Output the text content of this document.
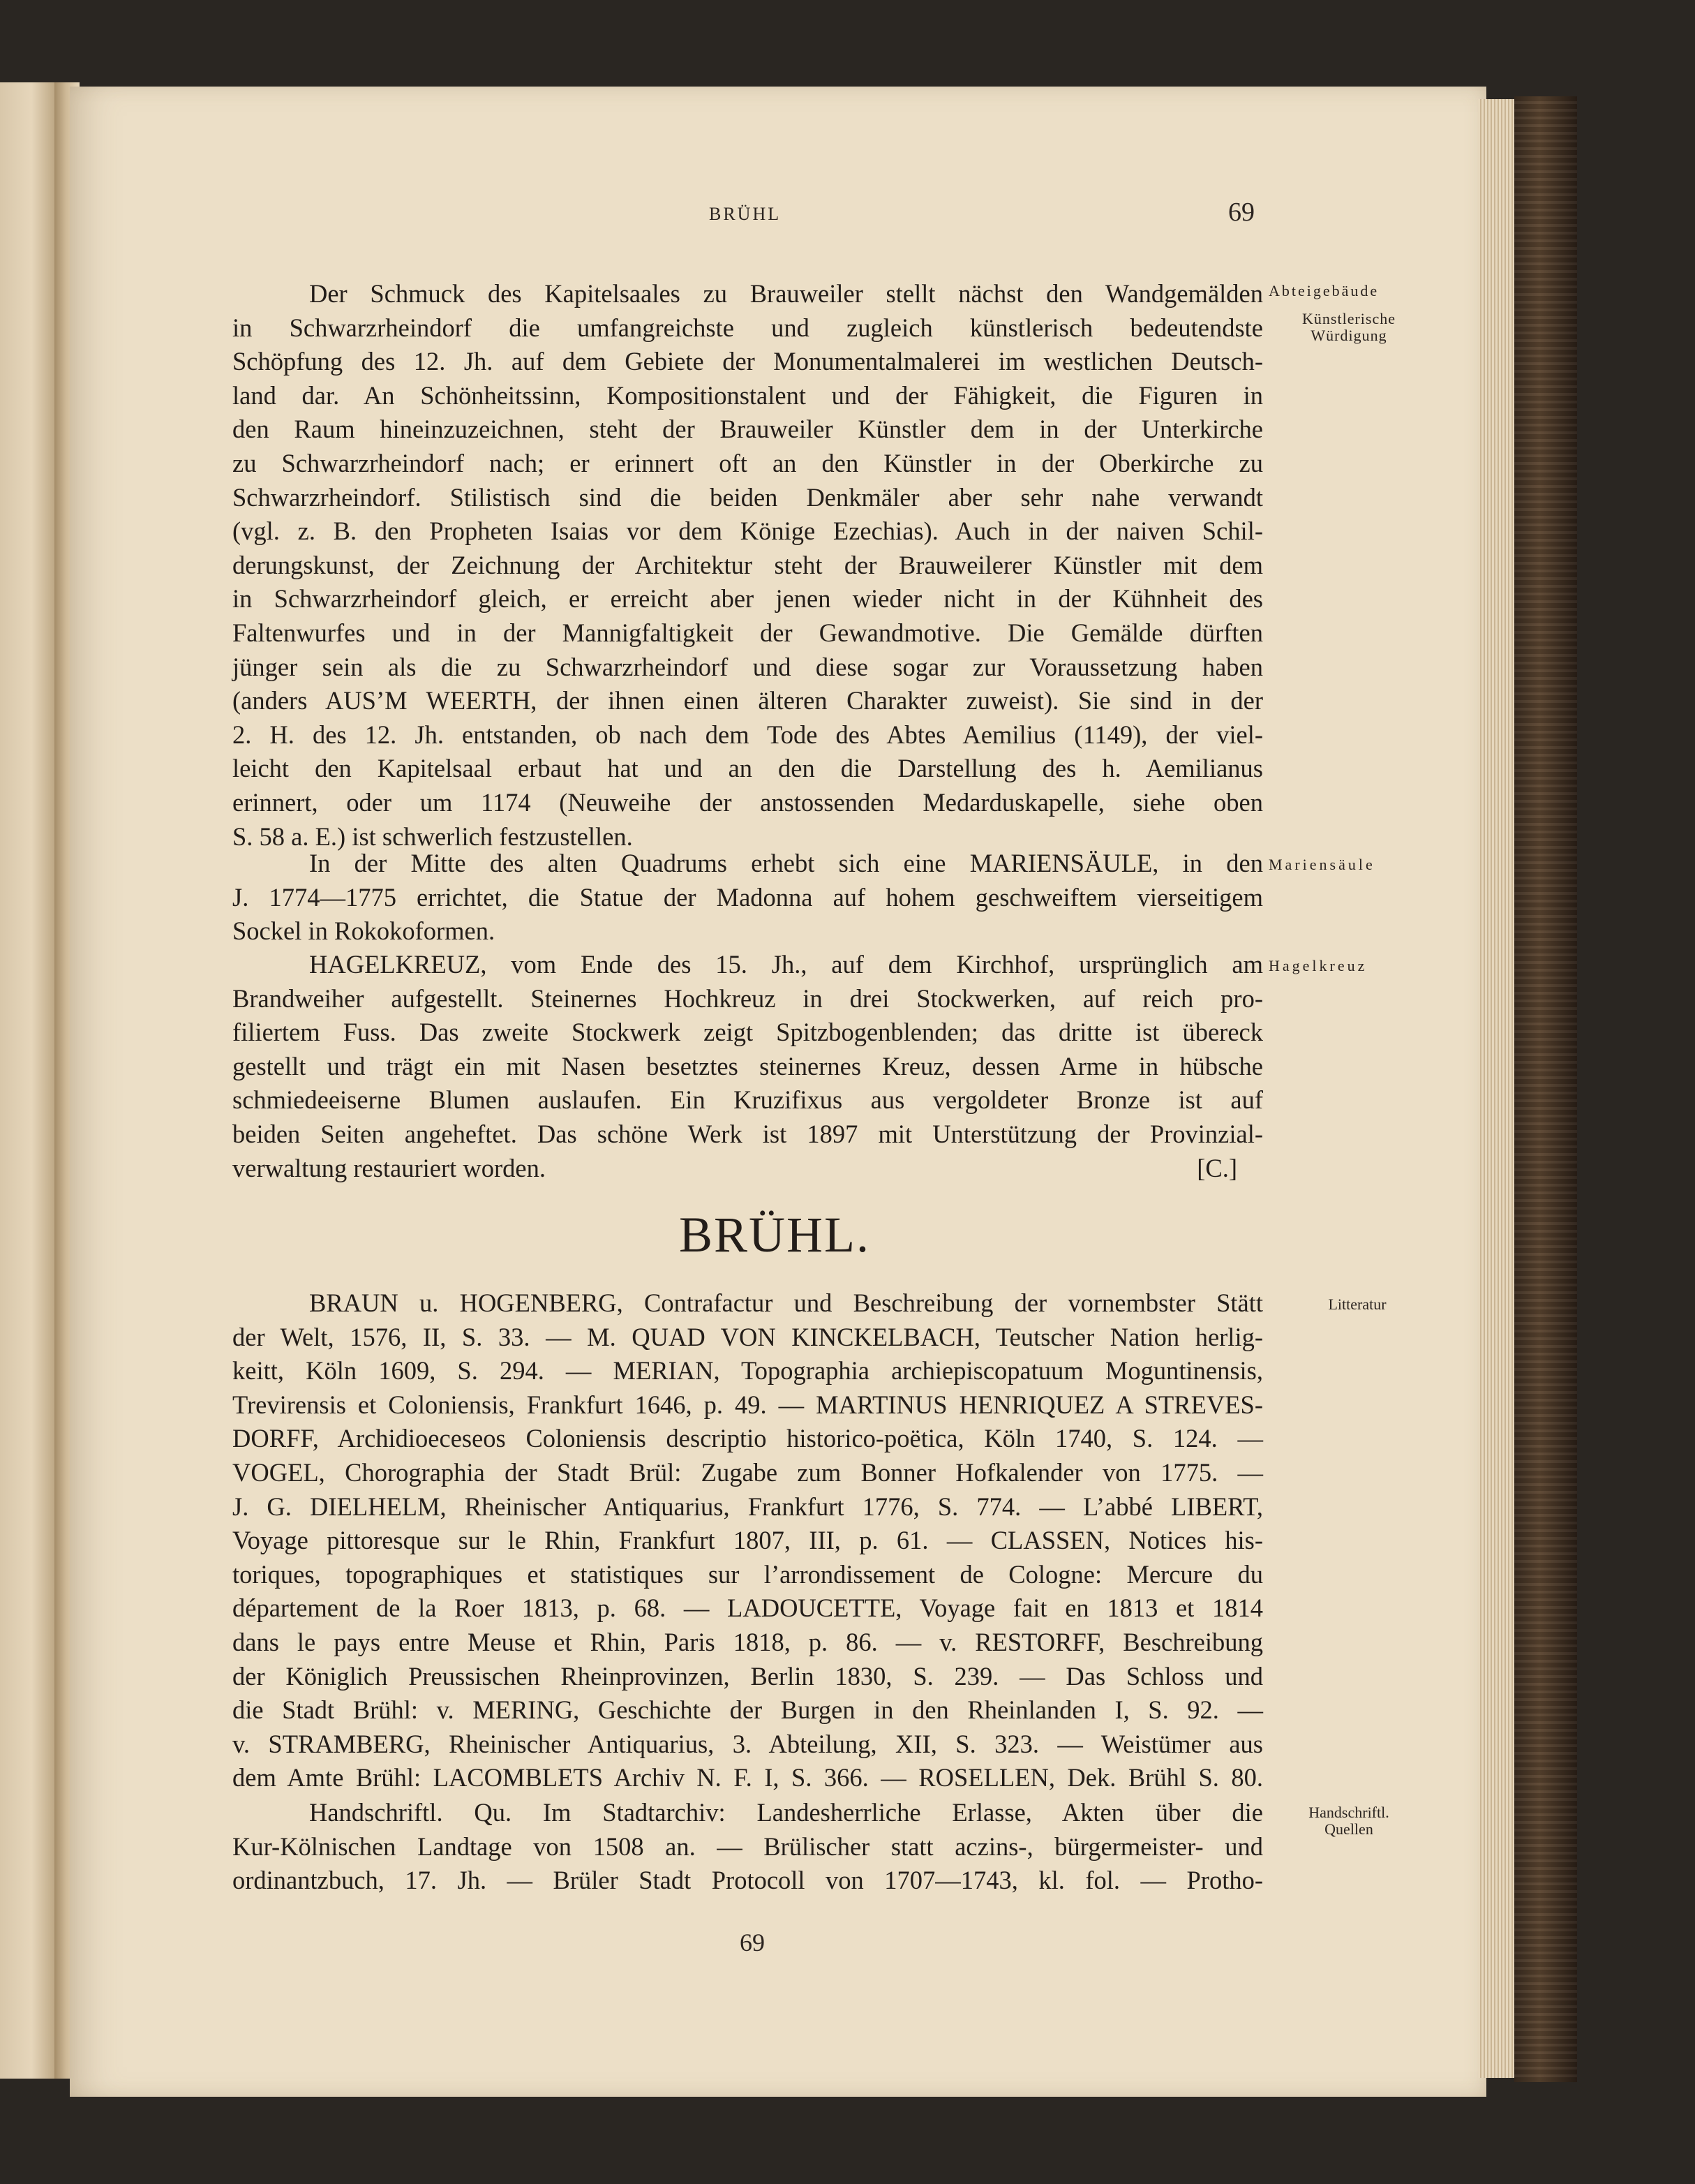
BRÜHL	69
Der Schmuck des Kapitelsaales zu Brauweiler stellt nächst den Wandgemälden
in Schwarzrheindorf die umfangreichste und zugleich künstlerisch bedeutendste
Schöpfung des 12. Jh. auf dem Gebiete der Monumentalmalerei im westlichen Deutsch-
land dar. An Schönheitssinn, Kompositionstalent und der Fähigkeit, die Figuren in
den Raum hineinzuzeichnen, steht der Brauweiler Künstler dem in der Unterkirche
zu Schwarzrheindorf nach; er erinnert oft an den Künstler in der Oberkirche zu
Schwarzrheindorf. Stilistisch sind die beiden Denkmäler aber sehr nahe verwandt
(vgl. z. B. den Propheten Isaias vor dem Könige Ezechias). Auch in der naiven Schil-
derungskunst, der Zeichnung der Architektur steht der Brauweilerer Künstler mit dem
in Schwarzrheindorf gleich, er erreicht aber jenen wieder nicht in der Kühnheit des
Faltenwurfes und in der Mannigfaltigkeit der Gewandmotive. Die Gemälde dürften
jünger sein als die zu Schwarzrheindorf und diese sogar zur Voraussetzung haben
(anders AUS’M WEERTH, der ihnen einen älteren Charakter zuweist). Sie sind in der
2. H. des 12. Jh. entstanden, ob nach dem Tode des Abtes Aemilius (1149), der viel-
leicht den Kapitelsaal erbaut hat und an den die Darstellung des h. Aemilianus
erinnert, oder um 1174 (Neuweihe der anstossenden Medarduskapelle, siehe oben
S. 58 a. E.) ist schwerlich festzustellen.
In der Mitte des alten Quadrums erhebt sich eine MARIENSÄULE, in den
J. 1774—1775 errichtet, die Statue der Madonna auf hohem geschweiftem vierseitigem
Sockel in Rokokoformen.
HAGELKREUZ, vom Ende des 15. Jh., auf dem Kirchhof, ursprünglich am
Brandweiher aufgestellt. Steinernes Hochkreuz in drei Stockwerken, auf reich pro-
filiertem Fuss. Das zweite Stockwerk zeigt Spitzbogenblenden; das dritte ist übereck
gestellt und trägt ein mit Nasen besetztes steinernes Kreuz, dessen Arme in hübsche
schmiedeeiserne Blumen auslaufen. Ein Kruzifixus aus vergoldeter Bronze ist auf
beiden Seiten angeheftet. Das schöne Werk ist 1897 mit Unterstützung der Provinzial-
verwaltung restauriert worden.	[C.]
BRÜHL.
BRAUN u. HOGENBERG, Contrafactur und Beschreibung der vornembster Stätt
der Welt, 1576, II, S. 33. — M. QUAD VON KINCKELBACH, Teutscher Nation herlig-
keitt, Köln 1609, S. 294. — MERIAN, Topographia archiepiscopatuum Moguntinensis,
Trevirensis et Coloniensis, Frankfurt 1646, p. 49. — MARTINUS HENRIQUEZ A STREVES-
DORFF, Archidioeceseos Coloniensis descriptio historico-poëtica, Köln 1740, S. 124. —
VOGEL, Chorographia der Stadt Brül: Zugabe zum Bonner Hofkalender von 1775. —
J. G. DIELHELM, Rheinischer Antiquarius, Frankfurt 1776, S. 774. — L’abbé LIBERT,
Voyage pittoresque sur le Rhin, Frankfurt 1807, III, p. 61. — CLASSEN, Notices his-
toriques, topographiques et statistiques sur l’arrondissement de Cologne: Mercure du
département de la Roer 1813, p. 68. — LADOUCETTE, Voyage fait en 1813 et 1814
dans le pays entre Meuse et Rhin, Paris 1818, p. 86. — v. RESTORFF, Beschreibung
der Königlich Preussischen Rheinprovinzen, Berlin 1830, S. 239. — Das Schloss und
die Stadt Brühl: v. MERING, Geschichte der Burgen in den Rheinlanden I, S. 92. —
v. STRAMBERG, Rheinischer Antiquarius, 3. Abteilung, XII, S. 323. — Weistümer aus
dem Amte Brühl: LACOMBLETS Archiv N. F. I, S. 366. — ROSELLEN, Dek. Brühl S. 80.
Handschriftl. Qu. Im Stadtarchiv: Landesherrliche Erlasse, Akten über die
Kur-Kölnischen Landtage von 1508 an. — Brülischer statt aczins-, bürgermeister- und
ordinantzbuch, 17. Jh. — Brüler Stadt Protocoll von 1707—1743, kl. fol. — Protho-
Abteigebäude
Künstlerische
Würdigung
Mariensäule
Hagelkreuz
Litteratur
Handschriftl.
Quellen
69
